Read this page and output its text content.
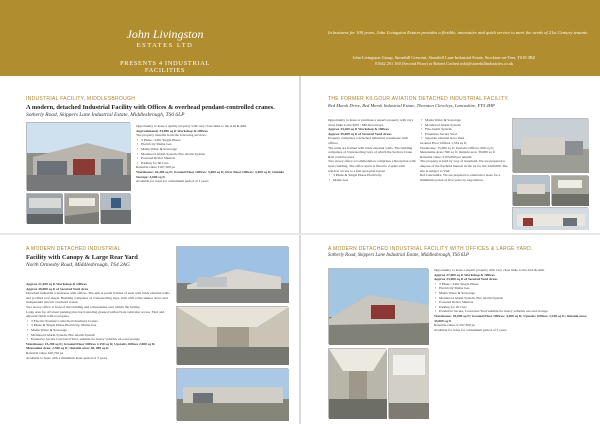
John Livingston
ESTATES LTD
PRESENTS 4 INDUSTRIAL FACILITIES
In business for 100 years, John Livingston Estates provides a flexible, innovative and quick service to meet the needs of 21st Century tenants.
John Livingston Group, Stonehill Crescent, Stonehill Lane Industrial Estate, Stockton-on-Tees, TS18 3BZ
01642 251 160 (Second Floor) or Robert Corbett info@stonehillindustries.co.uk
INDUSTRIAL FACILITY, MIDDLESBROUGH
A modern, detached Industrial Facility with Offices & overhead pendant-controlled cranes.
Sotherly Road, Skippers Lane Industrial Estate, Middlesbrough, TS6 6LP
Opportunity to lease a quality property with very close links to the A19 & A66.
Approximately 44,000 sq ft Workshop & Offices
The property benefits from the following services:
• 3 Phase / 240v Single Phase
• Electricity Mains Gas
• Mains Water & Sewerage
• Monitored Alarm System, Fire Alarm System
• Powered Roller Shutters
• Parking for 60 Cars
Rateable value £167,500 pa
Warehouse: 26,400 sq ft; Ground Floor Offices: 5,600 sq ft; First Floor Offices: 4,400 sq ft; Outside Storage: 4,600 sq ft
Available for lease for a minimum period of 3 years
THE FORMER KILGOUR AVIATION DETACHED INDUSTRIAL FACILITY.
Red Marsh Drive, Red Marsh Industrial Estate, Thornton Cleveleys, Lancashire, FY5 4HP
Opportunity to lease or purchase a superb property with very close links to the M55 / M6 motorways.
Approx 34,200 sq ft Workshop & Offices
Approx 39,000 sq ft of Secured Yard Areas
Property comprises a detached industrial warehouse with offices.
The units are framed with brick external walls. The building comprises of 3 intersecting bays of which the Section Crane Rail could be used
Two storey office accommodation comprises a Reception with steel cladding. The office space is fitted to 2 sides with window access to a full open plan layout
• 3 Phase & Single Phase Electricity
• Mains Gas
• Mains Water & Sewerage
• Monitored Alarm System
• Fire Alarm System
• Extensive Secure Yard
• Separate external store shed
Ground Floor Offices 1,534 sq ft;
Warehouse: 15,000 sq ft; Upstairs Offices: 600 sq ft; Mezzanine Area: 390 sq ft; Outside area: 39,000 sq ft
Rateable value: £105,000 per annum
The property is held by way of leasehold. We are prepared to dispose of the freehold interest in the lot for the £420,000. The site is subject to VAT.
Ref Lancashire. We are prepared to entertain a lease for a minimum period of five years by negotiation.
A MODERN DETACHED INDUSTRIAL
Facility with Canopy & Large Rear Yard
North Ormesby Road, Middlesbrough, TS4 2AG
Approx 21,650 sq ft Workshop & Offices
Approx 38,000 sq ft of Secured Yard Area
Detached industrial warehouse with offices. The unit is portal framed of steel with brick external walls and profiled roof sheets. Building comprises of 2 intersecting bays, both with roller shutter doors and independent electric overhead cranes.
Two storey office at front of the building and a mezzanine area within the facility.
Large area for off street parking plus hard standing grassed with private vehicular access. Yard and adjacent fields with road gates.
• 3 Electric Pendant Controlled Overhead Cranes
• 3 Phase & Single Phase Electricity, Mains Gas
• Mains Water & Sewerage
• Monitored Alarm System, Fire Alarm System
• Extensive Secure Concreted Yard, suitable for heavy vehicles on-road storage
Warehouse: 15,200 sq ft; Ground Floor Offices 2,150 sq ft; Upstairs Offices 2,000 sq ft; Mezzanine Area: 2,300 sq ft; Outside area: 38, 000 sq ft
Rateable value £40,750 pa
Available to lease with a minimum lease period of 3 years
A MODERN DETACHED INDUSTRIAL FACILITY WITH OFFICES & LARGE YARD.
Sotherly Road, Skippers Lane Industrial Estate, Middlesbrough, TS6 6LP
Opportunity to lease a superb property with very close links to the A19 & A66.
Approx 27,000 sq ft Workshop & Offices
Approx 33,000 sq ft of Secured Yard Areas
• 3 Phase / 240v Single Phase
• Electricity Mains Gas
• Mains Water & Sewerage
• Monitored Alarm System, Fire Alarm System
• Powered Roller Shutters
• Parking for 20 Cars
• Extensive Secure, Concreted Yard suitable for heavy vehicles on-road storage
Warehouse: 20,000 sq ft; Ground Floor Offices: 4,300 sq ft; Upstairs Offices: 2,100 sq ft; Outside area: 33,000 sq ft
Rateable value of £67,300 pa
Available for lease for a minimum period of 3 years
